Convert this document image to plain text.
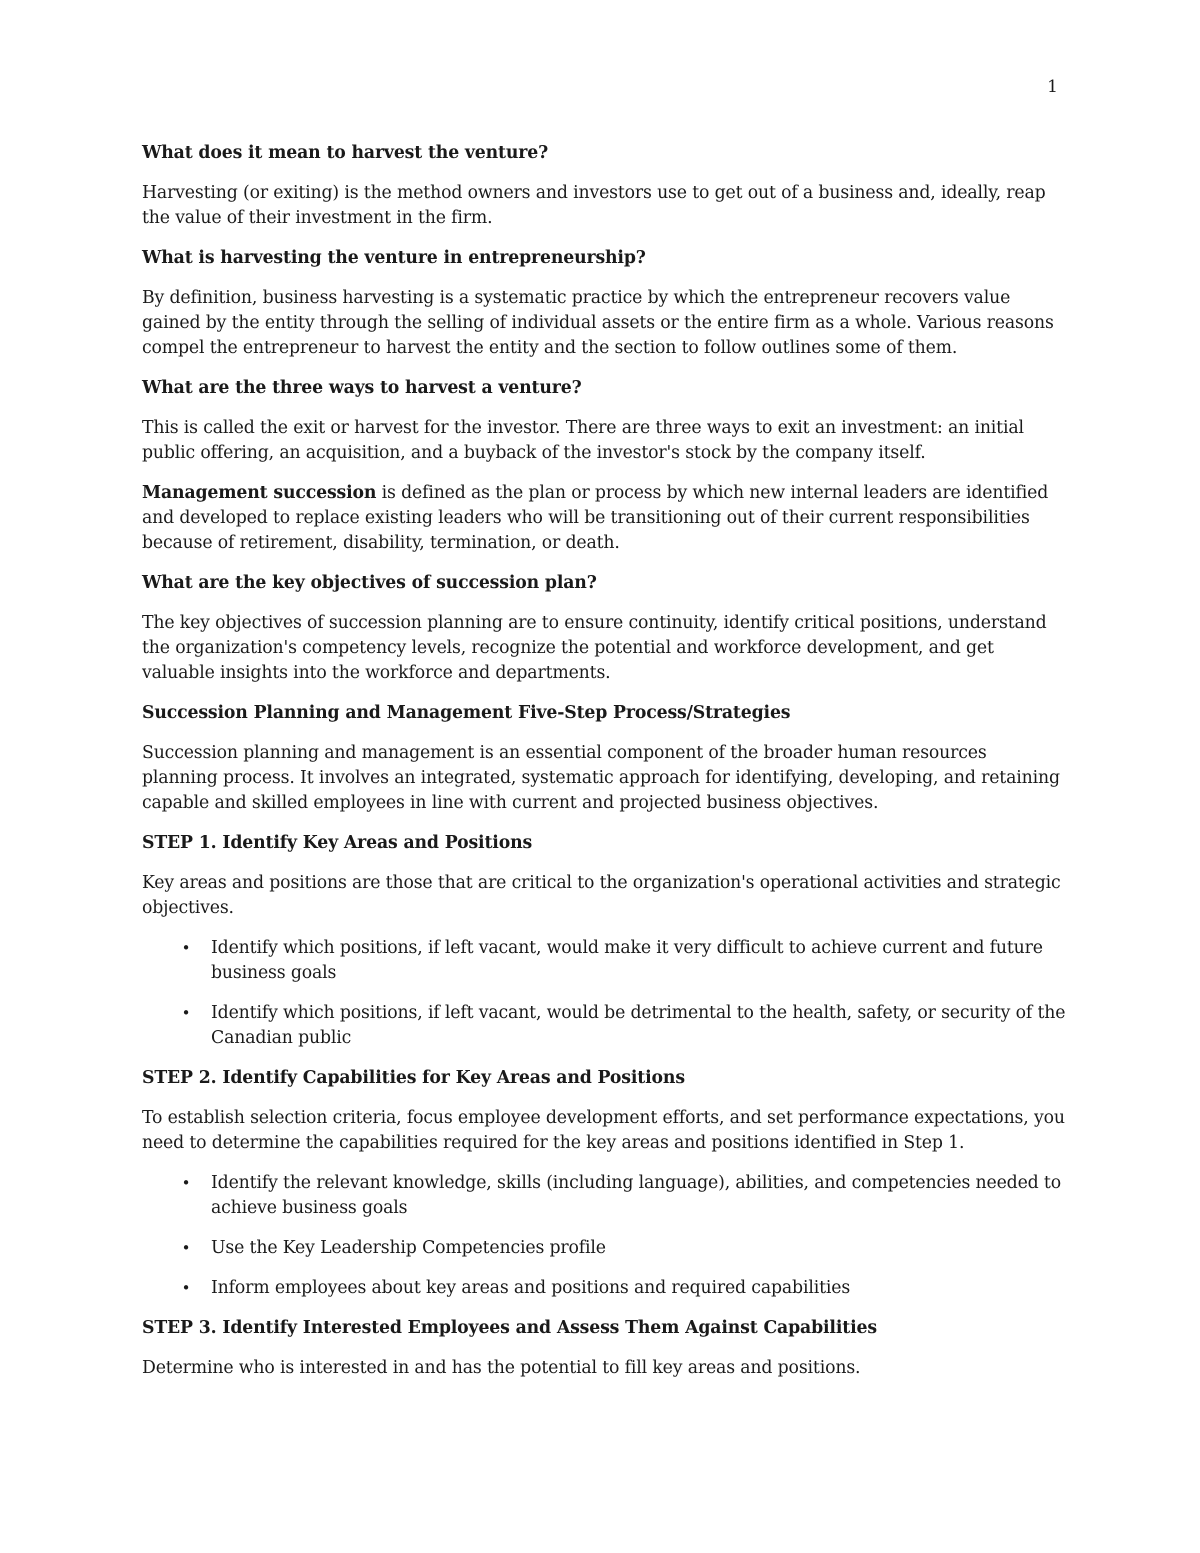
1

What does it mean to harvest the venture?

Harvesting (or exiting) is the method owners and investors use to get out of a business and, ideally, reap the value of their investment in the firm.

What is harvesting the venture in entrepreneurship?

By definition, business harvesting is a systematic practice by which the entrepreneur recovers value gained by the entity through the selling of individual assets or the entire firm as a whole. Various reasons compel the entrepreneur to harvest the entity and the section to follow outlines some of them.

What are the three ways to harvest a venture?

This is called the exit or harvest for the investor. There are three ways to exit an investment: an initial public offering, an acquisition, and a buyback of the investor's stock by the company itself.

Management succession is defined as the plan or process by which new internal leaders are identified and developed to replace existing leaders who will be transitioning out of their current responsibilities because of retirement, disability, termination, or death.

What are the key objectives of succession plan?

The key objectives of succession planning are to ensure continuity, identify critical positions, understand the organization's competency levels, recognize the potential and workforce development, and get valuable insights into the workforce and departments.

Succession Planning and Management Five-Step Process/Strategies

Succession planning and management is an essential component of the broader human resources planning process. It involves an integrated, systematic approach for identifying, developing, and retaining capable and skilled employees in line with current and projected business objectives.

STEP 1. Identify Key Areas and Positions

Key areas and positions are those that are critical to the organization's operational activities and strategic objectives.

•	Identify which positions, if left vacant, would make it very difficult to achieve current and future business goals
•	Identify which positions, if left vacant, would be detrimental to the health, safety, or security of the Canadian public

STEP 2. Identify Capabilities for Key Areas and Positions

To establish selection criteria, focus employee development efforts, and set performance expectations, you need to determine the capabilities required for the key areas and positions identified in Step 1.

•	Identify the relevant knowledge, skills (including language), abilities, and competencies needed to achieve business goals
•	Use the Key Leadership Competencies profile
•	Inform employees about key areas and positions and required capabilities

STEP 3. Identify Interested Employees and Assess Them Against Capabilities

Determine who is interested in and has the potential to fill key areas and positions.
